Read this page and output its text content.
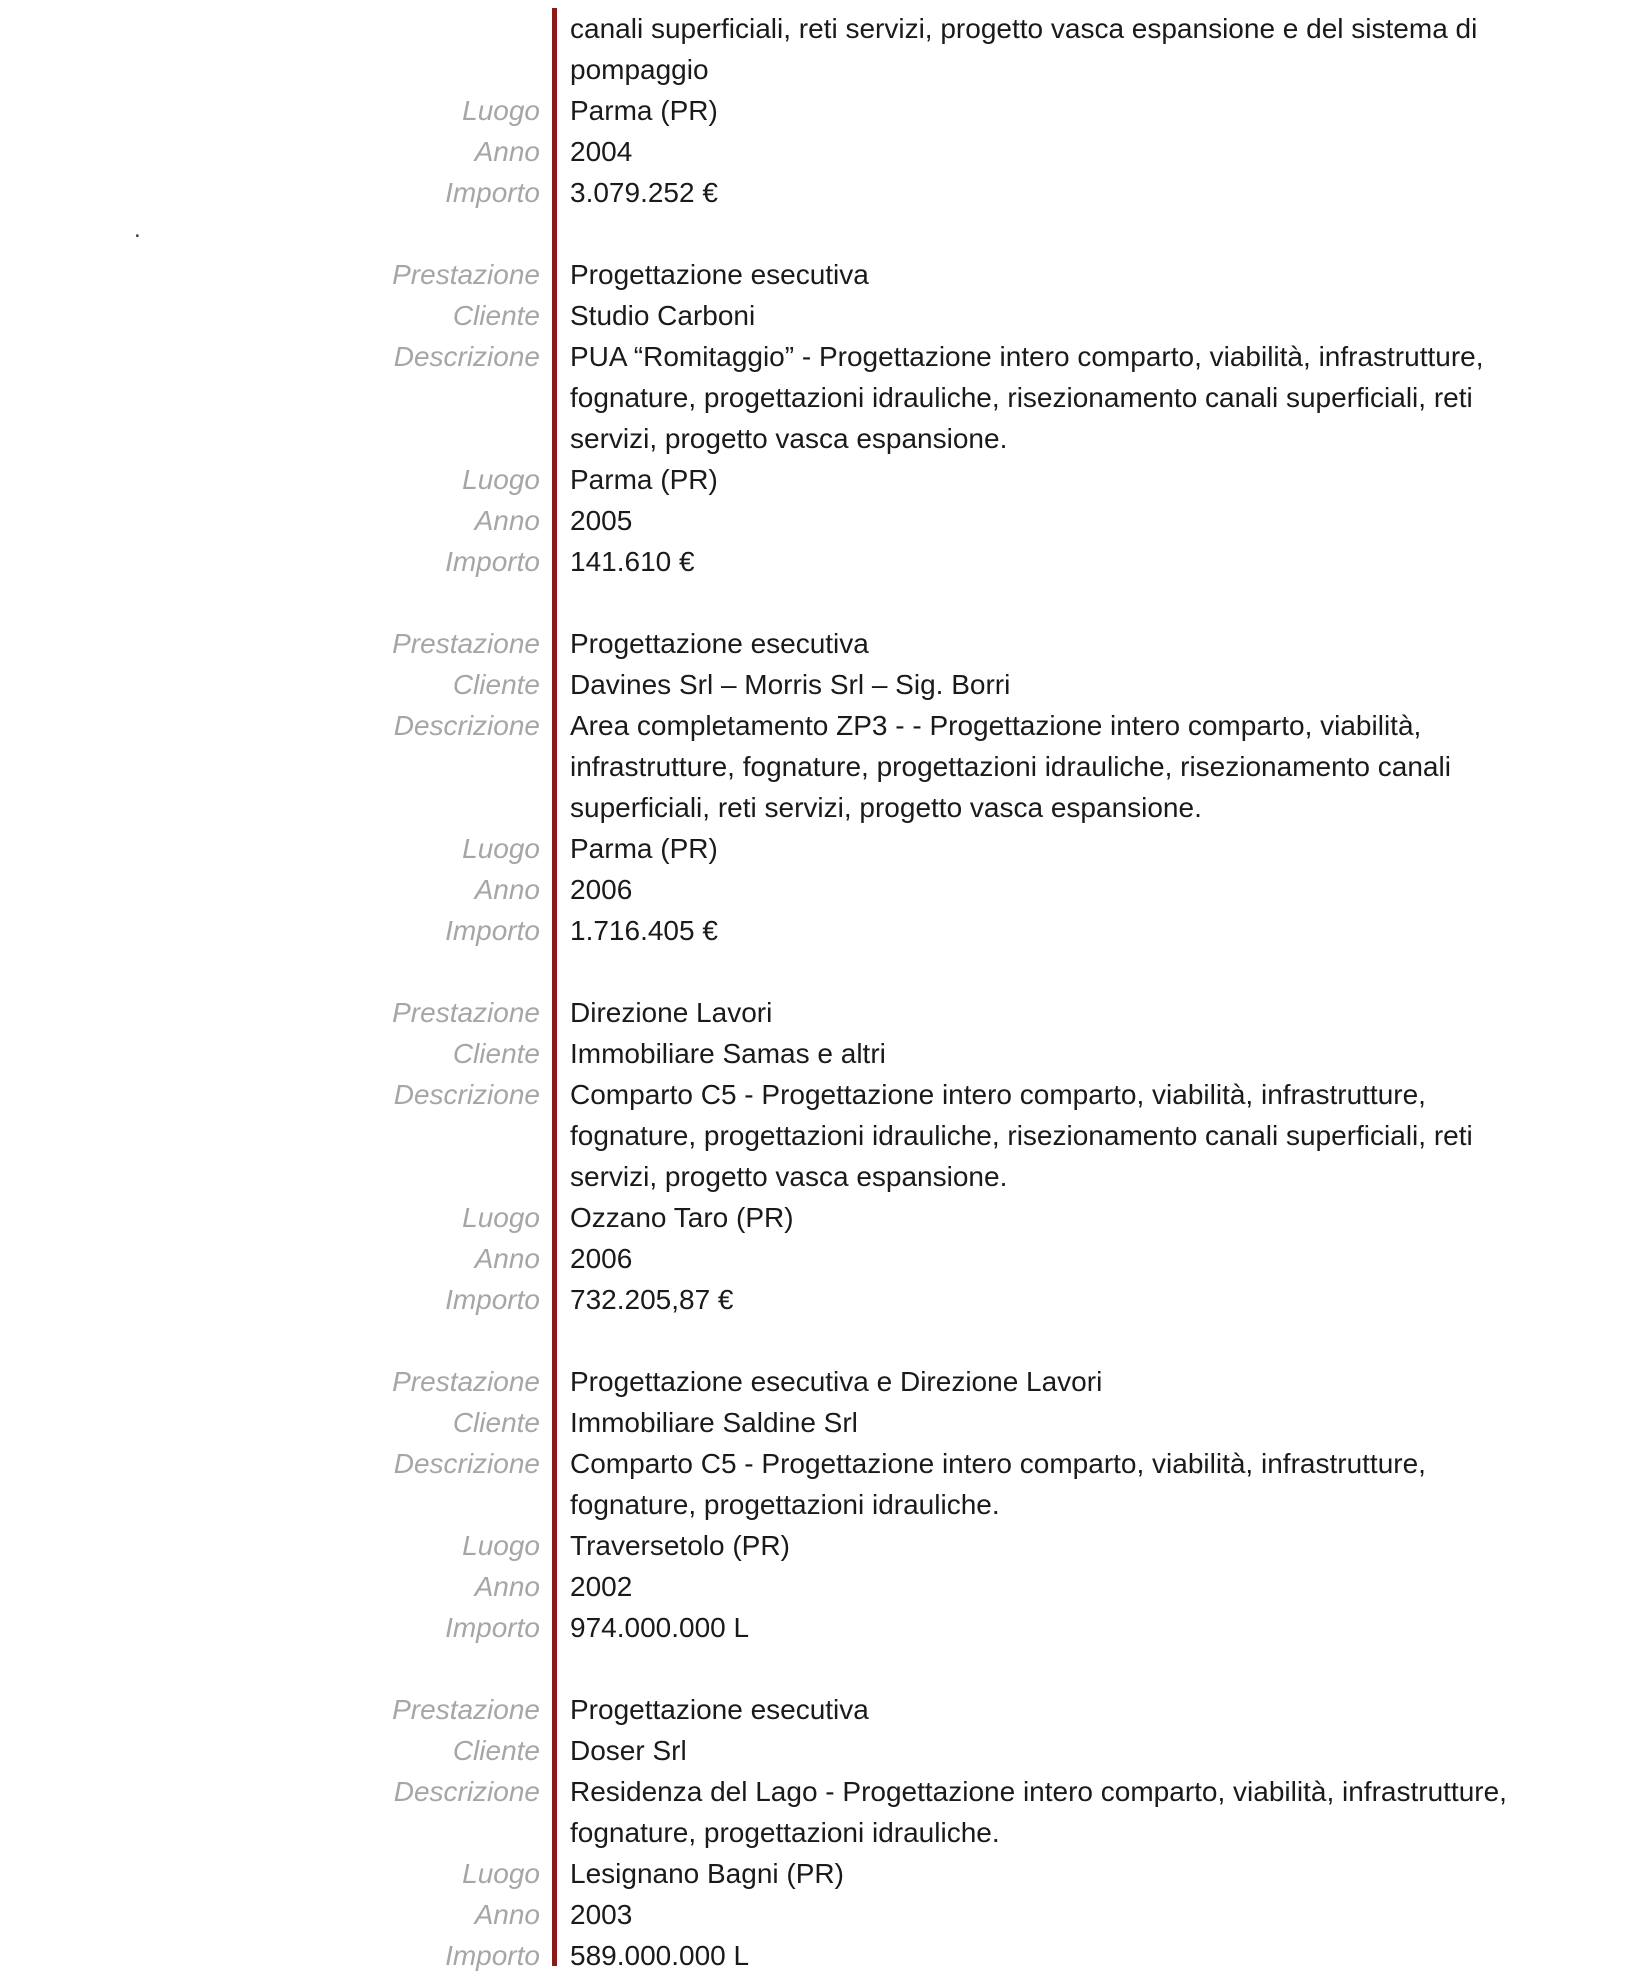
.
canali superficiali, reti servizi, progetto vasca espansione e del sistema di pompaggio
Luogo Parma (PR)
Anno 2004
Importo 3.079.252 €
Prestazione Progettazione esecutiva
Cliente Studio Carboni
Descrizione PUA “Romitaggio” - Progettazione intero comparto, viabilità, infrastrutture, fognature, progettazioni idrauliche, risezionamento canali superficiali, reti servizi, progetto vasca espansione.
Luogo Parma (PR)
Anno 2005
Importo 141.610 €
Prestazione Progettazione esecutiva
Cliente Davines Srl – Morris Srl – Sig. Borri
Descrizione Area completamento ZP3 - - Progettazione intero comparto, viabilità, infrastrutture, fognature, progettazioni idrauliche, risezionamento canali superficiali, reti servizi, progetto vasca espansione.
Luogo Parma (PR)
Anno 2006
Importo 1.716.405 €
Prestazione Direzione Lavori
Cliente Immobiliare Samas e altri
Descrizione Comparto C5 - Progettazione intero comparto, viabilità, infrastrutture, fognature, progettazioni idrauliche, risezionamento canali superficiali, reti servizi, progetto vasca espansione.
Luogo Ozzano Taro (PR)
Anno 2006
Importo 732.205,87 €
Prestazione Progettazione esecutiva e Direzione Lavori
Cliente Immobiliare Saldine Srl
Descrizione Comparto C5 - Progettazione intero comparto, viabilità, infrastrutture, fognature, progettazioni idrauliche.
Luogo Traversetolo (PR)
Anno 2002
Importo 974.000.000 L
Prestazione Progettazione esecutiva
Cliente Doser Srl
Descrizione Residenza del Lago - Progettazione intero comparto, viabilità, infrastrutture, fognature, progettazioni idrauliche.
Luogo Lesignano Bagni (PR)
Anno 2003
Importo 589.000.000 L
